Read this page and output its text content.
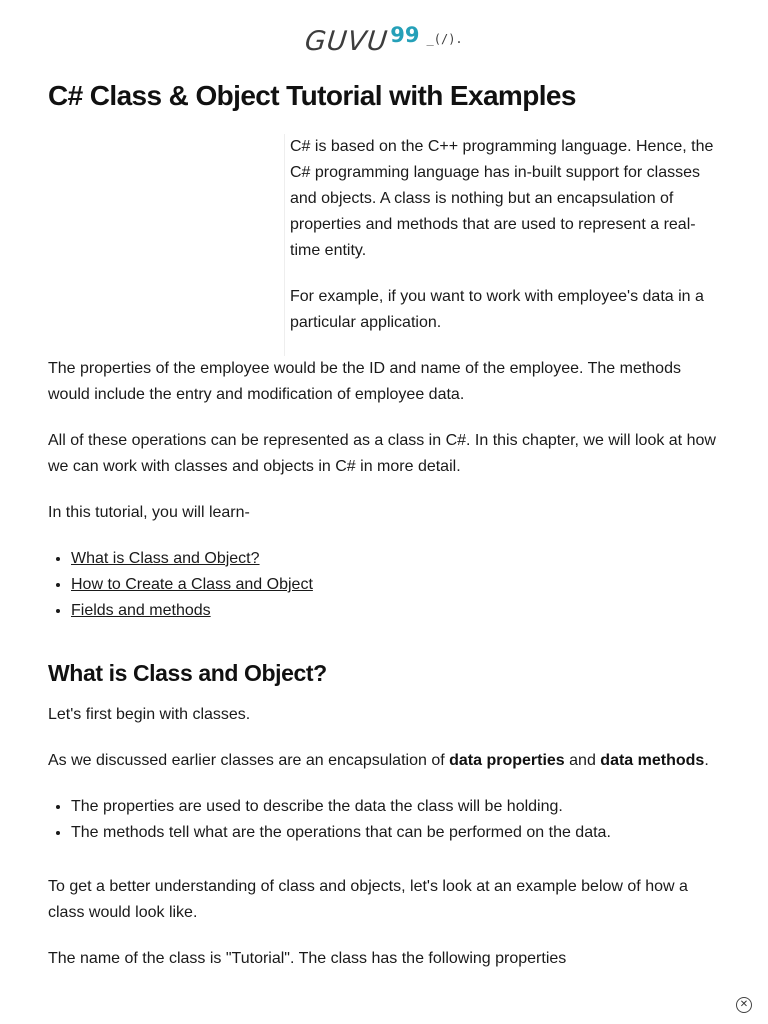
GUVU 99 _(/).
C# Class & Object Tutorial with Examples

C# is based on the C++ programming language. Hence, the C# programming language has in-built support for classes and objects. A class is nothing but an encapsulation of properties and methods that are used to represent a real-time entity.

For example, if you want to work with employee's data in a particular application.

The properties of the employee would be the ID and name of the employee. The methods would include the entry and modification of employee data.

All of these operations can be represented as a class in C#. In this chapter, we will look at how we can work with classes and objects in C# in more detail.

In this tutorial, you will learn-

• What is Class and Object?
• How to Create a Class and Object
• Fields and methods
What is Class and Object?

Let's first begin with classes.

As we discussed earlier classes are an encapsulation of data properties and data methods.

• The properties are used to describe the data the class will be holding.
• The methods tell what are the operations that can be performed on the data.

To get a better understanding of class and objects, let's look at an example below of how a class would look like.

The name of the class is "Tutorial". The class has the following properties

✕
